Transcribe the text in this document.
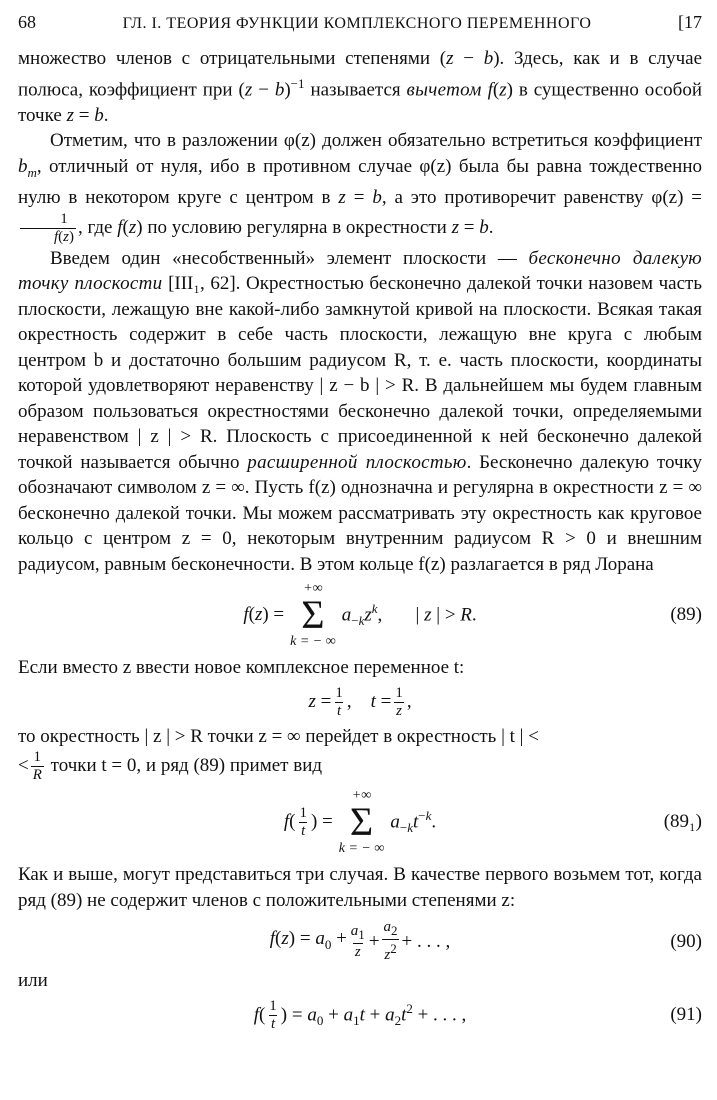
68	ГЛ. I. ТЕОРИЯ ФУНКЦИИ КОМПЛЕКСНОГО ПЕРЕМЕННОГО	[17

множество членов с отрицательными степенями (z − b). Здесь, как и в случае полюса, коэффициент при $(z - b)^{-1}$ называется вычетом f(z) в существенно особой точке z = b.

Отметим, что в разложении φ(z) должен обязательно встретиться коэффициент $b_m$, отличный от нуля, ибо в противном случае φ(z) была бы равна тождественно нулю в некотором круге с центром в z = b, а это противоречит равенству φ(z) =
$\frac{1}{f(z)}$ , где f(z) по условию регулярна в окрестности z = b.

Введем один «несобственный» элемент плоскости — бесконечно далекую точку плоскости [III₁, 62]. Окрестностью бесконечно далекой точки назовем часть плоскости, лежащую вне какой-либо замкнутой кривой на плоскости. Всякая такая окрестность содержит в себе часть плоскости, лежащую вне круга с любым центром b и достаточно большим радиусом R, т. е. часть плоскости, координаты которой удовлетворяют неравенству | z − b | > R. В дальнейшем мы будем главным образом пользоваться окрестностями бесконечно далекой точки, определяемыми неравенством | z | > R. Плоскость с присоединенной к ней бесконечно далекой точкой называется обычно расширенной плоскостью. Бесконечно далекую точку обозначают символом z = ∞. Пусть f(z) однозначна и регулярна в окрестности z = ∞ бесконечно далекой точки. Мы можем рассматривать эту окрестность как круговое кольцо с центром z = 0, некоторым внутренним радиусом R > 0 и внешним радиусом, равным бесконечности. В этом кольце f(z) разлагается в ряд Лорана

f(z) =
+∞
Σ
k = − ∞
$a_{-k}z^k$,       | z | > R.	(89)

Если вместо z ввести новое комплексное переменное t:

$z = \frac{1}{t}$ ,    $t = \frac{1}{z}$ ,

то окрестность | z | > R точки z = ∞ перейдет в окрестность | t | <
< $\frac{1}{R}$ точки t = 0, и ряд (89) примет вид

$f( \frac{1}{t}$ ) =
+∞
Σ
k = − ∞
$a_{-k}t^{-k}$.	(89₁)

Как и выше, могут представиться три случая. В качестве первого возьмем тот, когда ряд (89) не содержит членов с положительными степенями z:

$f(z) = a_0 + \frac{a_1}{z} + \frac{a_2}{z^2}$ + . . . ,	(90)

или

$f( \frac{1}{t}$ ) = $a_0 + a_1t + a_2t^2$ + . . . ,	(91)
